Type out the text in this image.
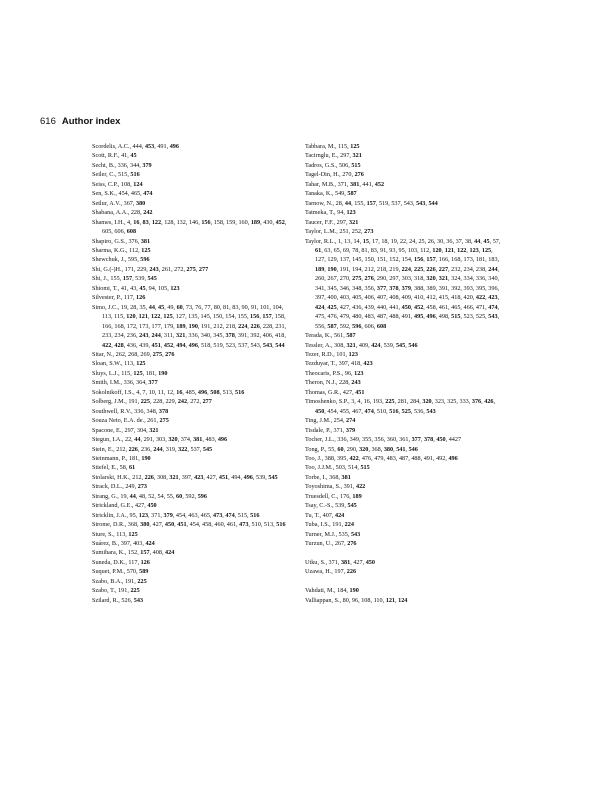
616 Author index
Scordelis, A.C., 444, 453, 491, 496
Scott, R.F., 41, 45
Secht, B., 336, 344, 379
Seiler, C., 515, 516
Seiss, C.P., 108, 124
Sen, S.K., 454, 465, 474
Setlur, A.V., 367, 380
Shabana, A.A., 228, 242
Shames, I.H., 4, 16, 83, 122, 128, 132, 146, 156, 158, 159, 160, 189, 430, 452, 605, 606, 608
Shapiro, G.S., 376, 381
Sharma, K.G., 112, 125
Shewchuk, J., 595, 596
Shi, G.(-)H., 171, 229, 243, 261, 272, 275, 277
Shi, J., 155, 157, 539, 545
Shiomi, T., 41, 43, 45, 94, 105, 123
Silvester, P., 117, 126
Simo, J.C., 19, 28, 35, 44, 45, 49, 60, 73, 76, 77, 80, 81, 83, 90, 91, 101, 104, 113, 115, 120, 121, 122, 125, 127, 135, 145, 150, 154, 155, 156, 157, 158, 166, 168, 172, 173, 177, 179, 189, 190, 191, 212, 218, 224, 226, 228, 231, 233, 234, 236, 243, 244, 311, 321, 336, 340, 345, 378, 391, 392, 406, 418, 422, 428, 436, 439, 451, 452, 494, 496, 518, 519, 523, 537, 543, 543, 544
Sitar, N., 262, 268, 269, 275, 276
Sloan, S.W., 113, 125
Sluys, L.J., 115, 125, 181, 190
Smith, I.M., 336, 364, 377
Sokolnikoff, I.S., 4, 7, 10, 11, 12, 16, 485, 496, 508, 513, 516
Solberg, J.M., 191, 225, 228, 229, 242, 272, 277
Southwell, R.V., 336, 348, 378
Souza Neto, E.A. de., 261, 275
Spacone, E., 297, 304, 321
Stegun, I.A., 22, 44, 291, 303, 320, 374, 381, 483, 496
Stein, E., 212, 226, 236, 244, 319, 322, 537, 545
Steinmann, P., 181, 190
Stiefel, E., 58, 61
Stolarski, H.K., 212, 226, 308, 321, 397, 423, 427, 451, 494, 496, 539, 545
Strack, D.L., 249, 273
Strang, G., 19, 44, 48, 52, 54, 55, 60, 592, 596
Strickland, G.E., 427, 450
Stricklin, J.A., 95, 123, 371, 379, 454, 463, 465, 473, 474, 515, 516
Strome, D.R., 368, 380, 427, 450, 451, 454, 458, 460, 461, 473, 510, 513, 516
Sture, S., 113, 125
Suárez, B., 397, 403, 424
Sumihara, K., 152, 157, 408, 424
Suneda, D.K., 117, 126
Suquet, P.M., 570, 589
Szabo, B.A., 191, 225
Szabo, T., 191, 225
Szilard, R., 526, 543
Tabbara, M., 115, 125
Tacirnglu, E., 297, 321
Tadros, G.S., 506, 515
Tagel-Din, H., 270, 276
Tahar, M.B., 371, 381, 441, 452
Tanaka, K., 549, 587
Tarnow, N., 28, 44, 155, 157, 519, 537, 543, 543, 544
Tatmeka, T., 94, 123
Taucer, F.F., 297, 321
Taylor, L.M., 251, 252, 273
Taylor, R.L., 1, 13, 14, 15, 17, 18, 19, 22, 24, 25, 26, 30, 36, 37, 38, 44, 45, 57, 61, 63, 65, 69, 78, 81, 83, 91, 93, 95, 103, 112, 120, 121, 122, 123, 125, 127, 129, 137, 145, 150, 151, 152, 154, 156, 157, 166, 168, 173, 181, 183, 189, 190, 191, 194, 212, 218, 219, 224, 225, 226, 227, 232, 234, 238, 244, 260, 267, 270, 275, 276, 290, 297, 303, 318, 320, 321, 324, 334, 336, 340, 341, 345, 346, 348, 356, 377, 378, 379, 388, 389, 391, 392, 393, 395, 396, 397, 400, 403, 405, 406, 407, 408, 409, 410, 412, 415, 418, 420, 422, 423, 424, 425, 427, 436, 439, 440, 441, 450, 452, 458, 461, 465, 466, 471, 474, 475, 476, 479, 480, 483, 487, 488, 491, 495, 496, 498, 515, 523, 525, 543, 556, 587, 592, 596, 606, 608
Terada, K., 561, 587
Tessler, A., 308, 321, 409, 424, 539, 545, 546
Tezer, R.D., 101, 123
Tezduyar, T., 397, 418, 423
Theocaris, P.S., 96, 123
Theron, N.J., 228, 243
Thomas, G.R., 427, 451
Timoshenko, S.P., 3, 4, 16, 193, 225, 281, 284, 320, 323, 325, 333, 376, 426, 450, 454, 455, 467, 474, 510, 516, 525, 536, 543
Ting, J.M., 254, 274
Tisdale, P., 371, 379
Tocher, J.L., 336, 349, 355, 356, 360, 361, 377, 378, 450, 4427
Tong, P., 55, 60, 290, 320, 368, 380, 541, 546
Too, J., 388, 395, 422, 476, 479, 483, 487, 488, 491, 492, 496
Too, J.J.M., 503, 514, 515
Torbe, I., 368, 381
Toyoshima, S., 391, 422
Truesdell, C., 176, 189
Tsay, C.-S., 539, 545
Tu, T., 407, 424
Tuba, I.S., 191, 224
Turner, M.J., 535, 543
Turzun, U., 267, 276
Utku, S., 371, 381, 427, 450
Uzawa, H., 197, 226
Vahdati, M., 184, 190
Valliappan, S., 80, 96, 108, 110, 121, 124
